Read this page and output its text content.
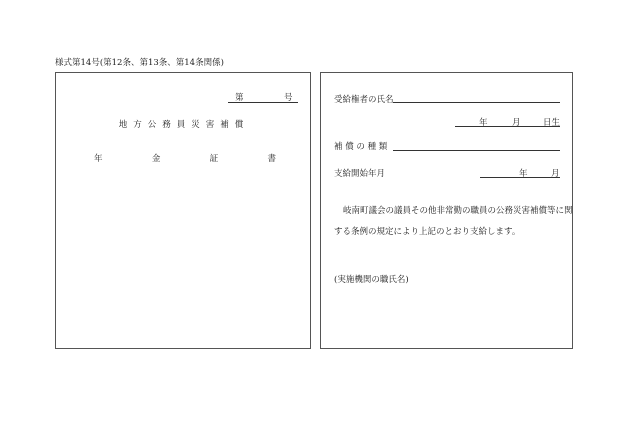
様式第14号(第12条、第13条、第14条関係)
第	号
地方公務員災害補償
年	金	証	書
受給権者の氏名
年	月	日生
補 償 の 種 類
支給開始年月	年	月
岐南町議会の議員その他非常勤の職員の公務災害補償等に関
する条例の規定により上記のとおり支給します。
(実施機関の職氏名)
